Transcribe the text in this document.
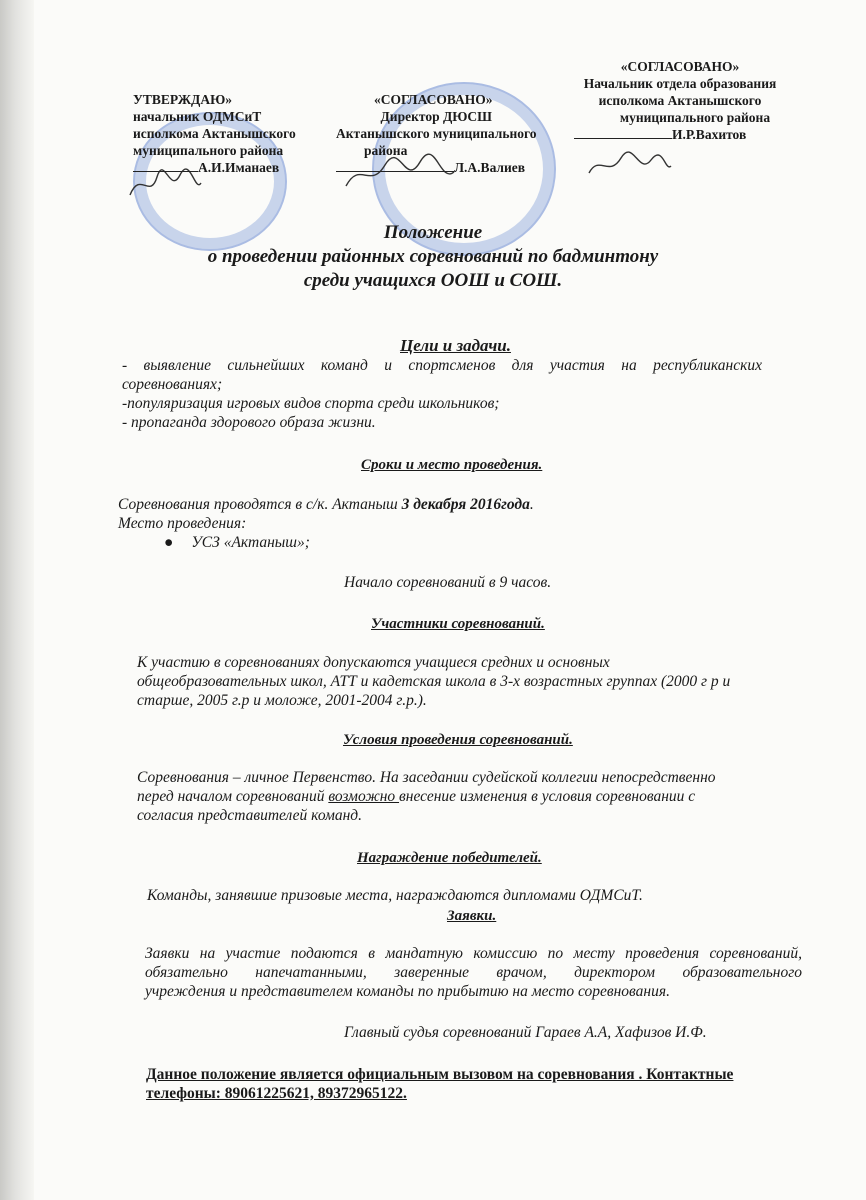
УТВЕРЖДАЮ»
начальник ОДМСиТ
исполкома Актанышского
муниципального района
А.И.Иманаев
«СОГЛАСОВАНО»
Директор ДЮСШ
Актанышского муниципального
района
Л.А.Валиев
«СОГЛАСОВАНО»
Начальник отдела образования
исполкома Актанышского
муниципального района
И.Р.Вахитов
Положение
о проведении районных соревнований по бадминтону
среди учащихся ООШ и СОШ.
Цели и задачи.
- выявление сильнейших команд и спортсменов для участия на республиканских
соревнованиях;
-популяризация игровых видов спорта среди школьников;
- пропаганда здорового образа жизни.
Сроки и место проведения.
Соревнования проводятся в с/к. Актаныш 3 декабря 2016года.
Место проведения:
● УСЗ «Актаныш»;
Начало соревнований в 9 часов.
Участники соревнований.
К участию в соревнованиях допускаются учащиеся средних и основных
общеобразовательных школ, АТТ и кадетская школа в 3-х возрастных группах (2000 г р и
старше, 2005 г.р и моложе, 2001-2004 г.р.).
Условия проведения соревнований.
Соревнования – личное Первенство. На заседании судейской коллегии непосредственно
перед началом соревнований возможно внесение изменения в условия соревновании с
согласия представителей команд.
Награждение победителей.
Команды, занявшие призовые места, награждаются дипломами ОДМСиТ.
Заявки.
Заявки на участие подаются в мандатную комиссию по месту проведения соревнований,
обязательно напечатанными, заверенные врачом, директором образовательного
учреждения и представителем команды по прибытию на место соревнования.
Главный судья соревнований Гараев А.А, Хафизов И.Ф.
Данное положение является официальным вызовом на соревнования . Контактные
телефоны: 89061225621, 89372965122.
